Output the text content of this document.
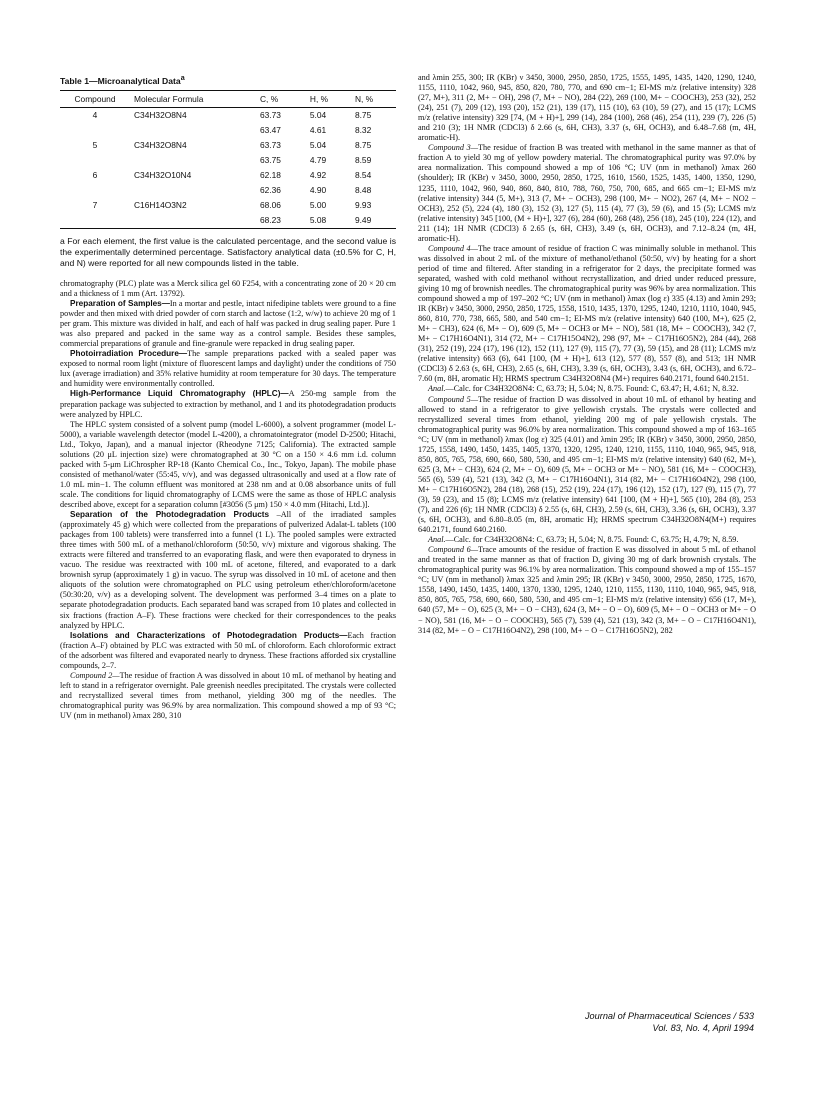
Table 1—Microanalytical Data$^a$
Compound	Molecular Formula	C, %	H, %	N, %
4	C34H32O8N4	63.73	5.04	8.75
		63.47	4.61	8.32
5	C34H32O8N4	63.73	5.04	8.75
		63.75	4.79	8.59
6	C34H32O10N4	62.18	4.92	8.54
		62.36	4.90	8.48
7	C16H14O3N2	68.06	5.00	9.93
		68.23	5.08	9.49
a For each element, the first value is the calculated percentage, and the second value is the experimentally determined percentage. Satisfactory analytical data (±0.5% for C, H, and N) were reported for all new compounds listed in the table.

chromatography (PLC) plate was a Merck silica gel 60 F254, with a concentrating zone of 20 × 20 cm and a thickness of 1 mm (Art. 13792).

Preparation of Samples—In a mortar and pestle, intact nifedipine tablets were ground to a fine powder and then mixed with dried powder of corn starch and lactose (1:2, w/w) to achieve 20 mg of 1 per gram. This mixture was divided in half, and each of half was packed in drug sealing paper. Pure 1 was also prepared and packed in the same way as a control sample. Besides these samples, commercial preparations of granule and fine-granule were repacked in drug sealing paper.

Photoirradiation Procedure—The sample preparations packed with a sealed paper was exposed to normal room light (mixture of fluorescent lamps and daylight) under the conditions of 750 lux (average irradiation) and 35% relative humidity at room temperature for 30 days. The temperature and humidity were environmentally controlled.

High-Performance Liquid Chromatography (HPLC)—A 250-mg sample from the preparation package was subjected to extraction by methanol, and 1 and its photodegradation products were analyzed by HPLC.

The HPLC system consisted of a solvent pump (model L-6000), a solvent programmer (model L-5000), a variable wavelength detector (model L-4200), a chromatointegrator (model D-2500; Hitachi, Ltd., Tokyo, Japan), and a manual injector (Rheodyne 7125; California). The extracted sample solutions (20 μL injection size) were chromatographed at 30 °C on a 150 × 4.6 mm i.d. column packed with 5-μm LiChrospher RP-18 (Kanto Chemical Co., Inc., Tokyo, Japan). The mobile phase consisted of methanol/water (55:45, v/v), and was degassed ultrasonically and used at a flow rate of 1.0 mL min−1. The column effluent was monitored at 238 nm and at 0.08 absorbance units of full scale. The conditions for liquid chromatography of LCMS were the same as those of HPLC analysis described above, except for a separation column [#3056 (5 μm) 150 × 4.0 mm (Hitachi, Ltd.)].

Separation of the Photodegradation Products –All of the irradiated samples (approximately 45 g) which were collected from the preparations of pulverized Adalat-L tablets (100 packages from 100 tablets) were transferred into a funnel (1 L). The pooled samples were extracted three times with 500 mL of a methanol/chloroform (50:50, v/v) mixture and vigorous shaking. The extracts were filtered and transferred to an evaporating flask, and were then evaporated to dryness in vacuo. The residue was reextracted with 100 mL of acetone, filtered, and evaporated to a dark brownish syrup (approximately 1 g) in vacuo. The syrup was dissolved in 10 mL of acetone and then aliquots of the solution were chromatographed on PLC using petroleum ether/chloroform/acetone (50:30:20, v/v) as a developing solvent. The development was performed 3–4 times on a plate to separate photodegradation products. Each separated band was scraped from 10 plates and collected in six fractions (fraction A–F). These fractions were checked for their correspondences to the peaks analyzed by HPLC.

Isolations and Characterizations of Photodegradation Products—Each fraction (fraction A–F) obtained by PLC was extracted with 50 mL of chloroform. Each chloroformic extract of the adsorbent was filtered and evaporated nearly to dryness. These fractions afforded six crystalline compounds, 2–7.

Compound 2—The residue of fraction A was dissolved in about 10 mL of methanol by heating and left to stand in a refrigerator overnight. Pale greenish needles precipitated. The crystals were collected and recrystallized several times from methanol, yielding 300 mg of the needles. The chromatographical purity was 96.9% by area normalization. This compound showed a mp of 93 °C; UV (nm in methanol) λmax 280, 310

and λmin 255, 300; IR (KBr) ν 3450, 3000, 2950, 2850, 1725, 1555, 1495, 1435, 1420, 1290, 1240, 1155, 1110, 1042, 960, 945, 850, 820, 780, 770, and 690 cm−1; EI-MS m/z (relative intensity) 328 (27, M+), 311 (2, M+ − OH), 298 (7, M+ − NO), 284 (22), 269 (100, M+ − COOCH3), 253 (32), 252 (24), 251 (7), 209 (12), 193 (20), 152 (21), 139 (17), 115 (10), 63 (10), 59 (27), and 15 (17); LCMS m/z (relative intensity) 329 [74, (M + H)+], 299 (14), 284 (100), 268 (46), 254 (11), 239 (7), 226 (5) and 210 (3); 1H NMR (CDCl3) δ 2.66 (s, 6H, CH3), 3.37 (s, 6H, OCH3), and 6.48–7.68 (m, 4H, aromatic-H).

Compound 3—The residue of fraction B was treated with methanol in the same manner as that of fraction A to yield 30 mg of yellow powdery material. The chromatographical purity was 97.0% by area normalization. This compound showed a mp of 106 °C; UV (nm in methanol) λmax 260 (shoulder); IR (KBr) ν 3450, 3000, 2950, 2850, 1725, 1610, 1560, 1525, 1435, 1400, 1350, 1290, 1235, 1110, 1042, 960, 940, 860, 840, 810, 788, 760, 750, 700, 685, and 665 cm−1; EI-MS m/z (relative intensity) 344 (5, M+), 313 (7, M+ − OCH3), 298 (100, M+ − NO2), 267 (4, M+ − NO2 − OCH3), 252 (5), 224 (4), 180 (3), 152 (3), 127 (5), 115 (4), 77 (3), 59 (6), and 15 (5); LCMS m/z (relative intensity) 345 [100, (M + H)+], 327 (6), 284 (60), 268 (48), 256 (18), 245 (10), 224 (12), and 211 (14); 1H NMR (CDCl3) δ 2.65 (s, 6H, CH3), 3.49 (s, 6H, OCH3), and 7.12–8.24 (m, 4H, aromatic-H).

Compound 4—The trace amount of residue of fraction C was minimally soluble in methanol. This was dissolved in about 2 mL of the mixture of methanol/ethanol (50:50, v/v) by heating for a short period of time and filtered. After standing in a refrigerator for 2 days, the precipitate formed was separated, washed with cold methanol without recrystallization, and dried under reduced pressure, giving 10 mg of brownish needles. The chromatographical purity was 96% by area normalization. This compound showed a mp of 197–202 °C; UV (nm in methanol) λmax (log ε) 335 (4.13) and λmin 293; IR (KBr) ν 3450, 3000, 2950, 2850, 1725, 1558, 1510, 1435, 1370, 1295, 1240, 1210, 1110, 1040, 945, 860, 810, 770, 738, 665, 580, and 540 cm−1; EI-MS m/z (relative intensity) 640 (100, M+), 625 (2, M+ − CH3), 624 (6, M+ − O), 609 (5, M+ − OCH3 or M+ − NO), 581 (18, M+ − COOCH3), 342 (7, M+ − C17H16O4N1), 314 (72, M+ − C17H15O4N2), 298 (97, M+ − C17H16O5N2), 284 (44), 268 (31), 252 (19), 224 (17), 196 (12), 152 (11), 127 (9), 115 (7), 77 (3), 59 (15), and 28 (11); LCMS m/z (relative intensity) 663 (6), 641 [100, (M + H)+], 613 (12), 577 (8), 557 (8), and 513; 1H NMR (CDCl3) δ 2.63 (s, 6H, CH3), 2.65 (s, 6H, CH3), 3.39 (s, 6H, OCH3), 3.43 (s, 6H, OCH3), and 6.72–7.60 (m, 8H, aromatic H); HRMS spectrum C34H32O8N4 (M+) requires 640.2171, found 640.2151.

Anal.—Calc. for C34H32O8N4: C, 63.73; H, 5.04; N, 8.75. Found: C, 63.47; H, 4.61; N, 8.32.

Compound 5—The residue of fraction D was dissolved in about 10 mL of ethanol by heating and allowed to stand in a refrigerator to give yellowish crystals. The crystals were collected and recrystallized several times from ethanol, yielding 200 mg of pale yellowish crystals. The chromatographical purity was 96.0% by area normalization. This compound showed a mp of 163–165 °C; UV (nm in methanol) λmax (log ε) 325 (4.01) and λmin 295; IR (KBr) ν 3450, 3000, 2950, 2850, 1725, 1558, 1490, 1450, 1435, 1405, 1370, 1320, 1295, 1240, 1210, 1155, 1110, 1040, 965, 945, 918, 850, 805, 765, 758, 690, 660, 580, 530, and 495 cm−1; EI-MS m/z (relative intensity) 640 (62, M+), 625 (3, M+ − CH3), 624 (2, M+ − O), 609 (5, M+ − OCH3 or M+ − NO), 581 (16, M+ − COOCH3), 565 (6), 539 (4), 521 (13), 342 (3, M+ − C17H16O4N1), 314 (82, M+ − C17H16O4N2), 298 (100, M+ − C17H16O5N2), 284 (18), 268 (15), 252 (19), 224 (17), 196 (12), 152 (17), 127 (9), 115 (7), 77 (3), 59 (23), and 15 (8); LCMS m/z (relative intensity) 641 [100, (M + H)+], 565 (10), 284 (8), 253 (7), and 226 (6); 1H NMR (CDCl3) δ 2.55 (s, 6H, CH3), 2.59 (s, 6H, CH3), 3.36 (s, 6H, OCH3), 3.37 (s, 6H, OCH3), and 6.80–8.05 (m, 8H, aromatic H); HRMS spectrum C34H32O8N4(M+) requires 640.2171, found 640.2160.

Anal.—Calc. for C34H32O8N4: C, 63.73; H, 5.04; N, 8.75. Found: C, 63.75; H, 4.79; N, 8.59.

Compound 6—Trace amounts of the residue of fraction E was dissolved in about 5 mL of ethanol and treated in the same manner as that of fraction D, giving 30 mg of dark brownish crystals. The chromatographical purity was 96.1% by area normalization. This compound showed a mp of 155–157 °C; UV (nm in methanol) λmax 325 and λmin 295; IR (KBr) ν 3450, 3000, 2950, 2850, 1725, 1670, 1558, 1490, 1450, 1435, 1400, 1370, 1330, 1295, 1240, 1210, 1155, 1130, 1110, 1040, 965, 945, 918, 850, 805, 765, 758, 690, 660, 580, 530, and 495 cm−1; EI-MS m/z (relative intensity) 656 (17, M+), 640 (57, M+ − O), 625 (3, M+ − O − CH3), 624 (3, M+ − O − O), 609 (5, M+ − O − OCH3 or M+ − O − NO), 581 (16, M+ − O − COOCH3), 565 (7), 539 (4), 521 (13), 342 (3, M+ − O − C17H16O4N1), 314 (82, M+ − O − C17H16O4N2), 298 (100, M+ − O − C17H16O5N2), 282

Journal of Pharmaceutical Sciences / 533
Vol. 83, No. 4, April 1994
